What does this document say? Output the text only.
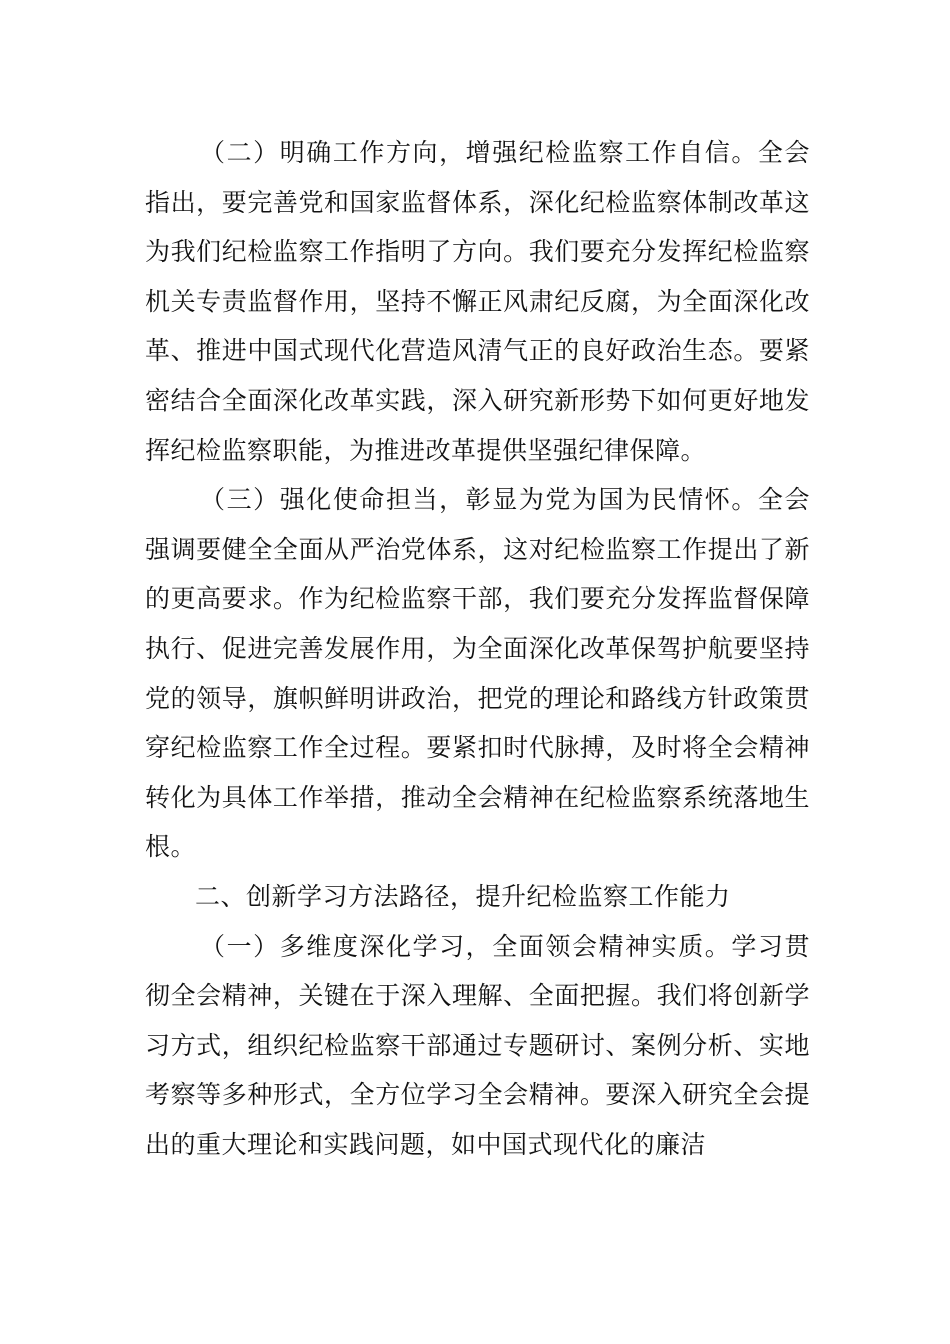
（二）明确工作方向，增强纪检监察工作自信。全会指出，要完善党和国家监督体系，深化纪检监察体制改革这为我们纪检监察工作指明了方向。我们要充分发挥纪检监察机关专责监督作用，坚持不懈正风肃纪反腐，为全面深化改革、推进中国式现代化营造风清气正的良好政治生态。要紧密结合全面深化改革实践，深入研究新形势下如何更好地发挥纪检监察职能，为推进改革提供坚强纪律保障。

（三）强化使命担当，彰显为党为国为民情怀。全会强调要健全全面从严治党体系，这对纪检监察工作提出了新的更高要求。作为纪检监察干部，我们要充分发挥监督保障执行、促进完善发展作用，为全面深化改革保驾护航要坚持党的领导，旗帜鲜明讲政治，把党的理论和路线方针政策贯穿纪检监察工作全过程。要紧扣时代脉搏，及时将全会精神转化为具体工作举措，推动全会精神在纪检监察系统落地生根。

二、创新学习方法路径，提升纪检监察工作能力

（一）多维度深化学习，全面领会精神实质。学习贯彻全会精神，关键在于深入理解、全面把握。我们将创新学习方式，组织纪检监察干部通过专题研讨、案例分析、实地考察等多种形式，全方位学习全会精神。要深入研究全会提出的重大理论和实践问题，如中国式现代化的廉洁
